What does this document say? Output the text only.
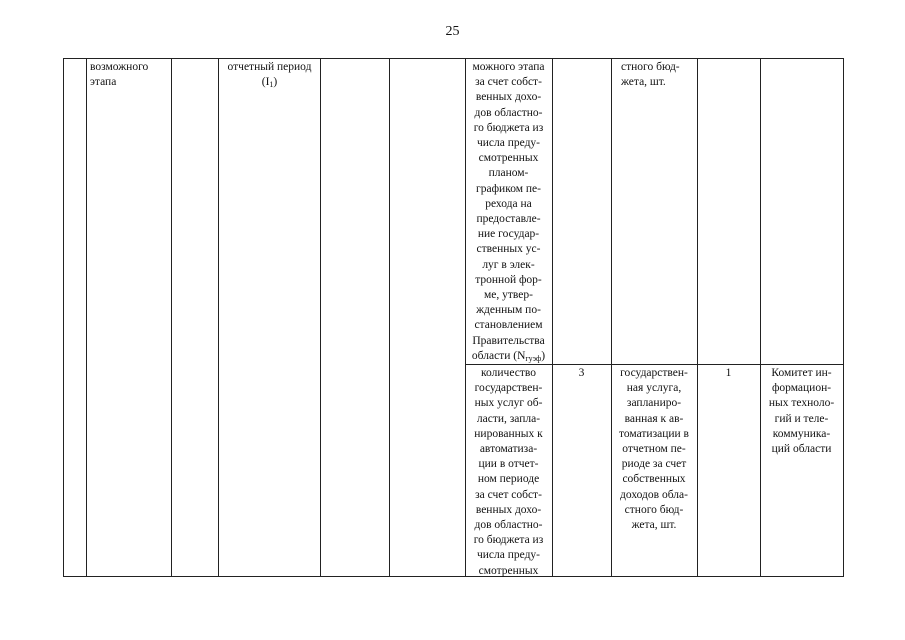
25
возможного
этапа
отчетный период
$(I_1)$
можного этапа
за счет собст-
венных дохо-
дов областно-
го бюджета из
числа преду-
смотренных
планом-
графиком пе-
рехода на
предоставле-
ние государ-
ственных ус-
луг в элек-
тронной фор-
ме, утвер-
жденным по-
становлением
Правительства
области $(N_{гуэф})$
стного бюд-
жета, шт.
количество
государствен-
ных услуг об-
ласти, запла-
нированных к
автоматиза-
ции в отчет-
ном периоде
за счет собст-
венных дохо-
дов областно-
го бюджета из
числа преду-
смотренных
3	государствен-
ная услуга,
запланиро-
ванная к ав-
томатизации в
отчетном пе-
риоде за счет
собственных
доходов обла-
стного бюд-
жета, шт.
1	Комитет ин-
формацион-
ных техноло-
гий и теле-
коммуника-
ций области
